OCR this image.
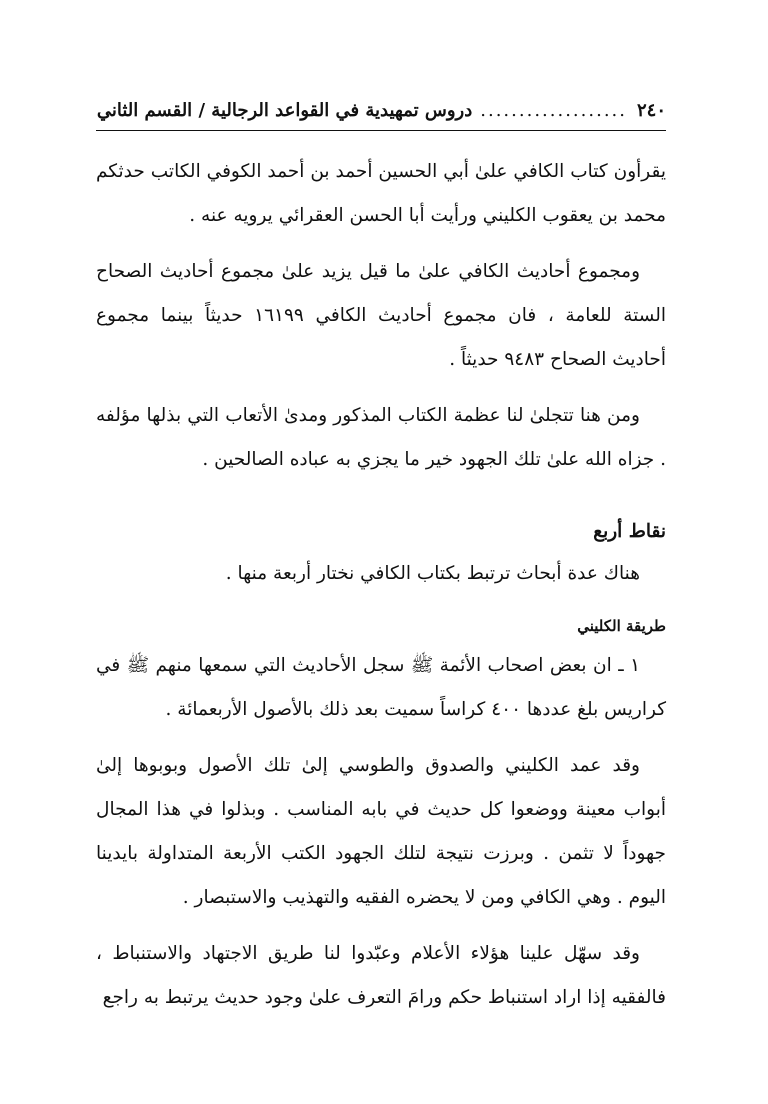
٢٤٠
...................
دروس تمهيدية في القواعد الرجالية / القسم الثاني

يقرأون كتاب الكافي علىٰ أبي الحسين أحمد بن أحمد الكوفي الكاتب حدثكم محمد بن يعقوب الكليني ورأيت أبا الحسن العقرائي يرويه عنه .

ومجموع أحاديث الكافي علىٰ ما قيل يزيد علىٰ مجموع أحاديث الصحاح الستة للعامة ، فان مجموع أحاديث الكافي ١٦١٩٩ حديثاً بينما مجموع أحاديث الصحاح ٩٤٨٣ حديثاً .

ومن هنا تتجلىٰ لنا عظمة الكتاب المذكور ومدىٰ الأتعاب التي بذلها مؤلفه . جزاه الله علىٰ تلك الجهود خير ما يجزي به عباده الصالحين .

نقاط أربع

هناك عدة أبحاث ترتبط بكتاب الكافي نختار أربعة منها .

طريقة الكليني

١ ـ ان بعض اصحاب الأئمة ﷺ سجل الأحاديث التي سمعها منهم ﷺ في كراريس بلغ عددها ٤٠٠ كراساً سميت بعد ذلك بالأصول الأربعمائة .

وقد عمد الكليني والصدوق والطوسي إلىٰ تلك الأصول وبوبوها إلىٰ أبواب معينة ووضعوا كل حديث في بابه المناسب . وبذلوا في هذا المجال جهوداً لا تثمن . وبرزت نتيجة لتلك الجهود الكتب الأربعة المتداولة بايدينا اليوم . وهي الكافي ومن لا يحضره الفقيه والتهذيب والاستبصار .

وقد سهّل علينا هؤلاء الأعلام وعبّدوا لنا طريق الاجتهاد والاستنباط ، فالفقيه إذا اراد استنباط حكم ورامَ التعرف علىٰ وجود حديث يرتبط به راجع
